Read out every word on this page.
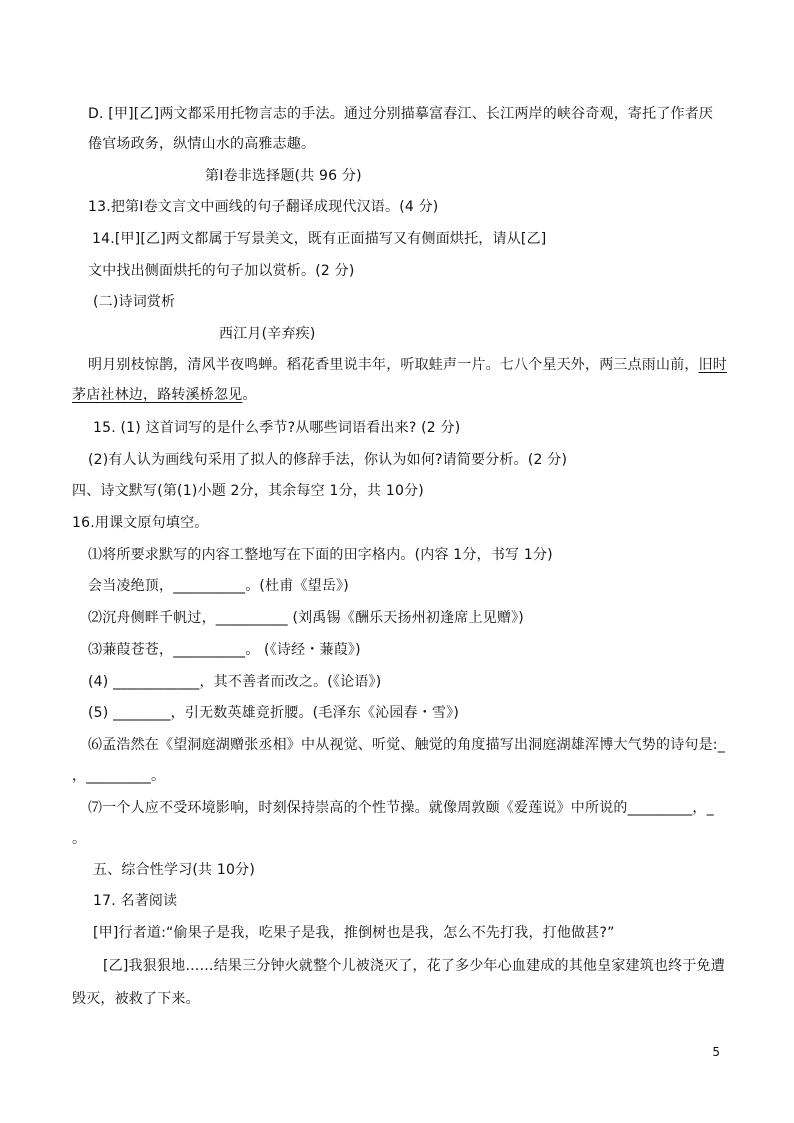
D. [甲][乙]两文都采用托物言志的手法。通过分别描摹富春江、长江两岸的峡谷奇观，寄托了作者厌
倦官场政务，纵情山水的高雅志趣。
第Ⅰ卷非选择题(共 96 分)
13.把第Ⅰ卷文言文中画线的句子翻译成现代汉语。(4 分)
14.[甲][乙]两文都属于写景美文，既有正面描写又有侧面烘托，请从[乙]
文中找出侧面烘托的句子加以赏析。(2 分)
(二)诗词赏析
西江月(辛弃疾)
明月别枝惊鹊，清风半夜鸣蝉。稻花香里说丰年，听取蛙声一片。七八个星天外，两三点雨山前，旧时
茅店社林边，路转溪桥忽见。
15. (1) 这首词写的是什么季节?从哪些词语看出来? (2 分)
(2)有人认为画线句采用了拟人的修辞手法，你认为如何?请简要分析。(2 分)
四、诗文默写(第(1)小题 2分，其余每空 1分，共 10分)
16.用课文原句填空。
⑴将所要求默写的内容工整地写在下面的田字格内。(内容 1分，书写 1分)
会当凌绝顶，__________。(杜甫《望岳》)
⑵沉舟侧畔千帆过，__________ (刘禹锡《酬乐天扬州初逢席上见赠》)
⑶蒹葭苍苍，__________。 (《诗经・蒹葭》)
(4) ____________，其不善者而改之。(《论语》)
(5) ________，引无数英雄竞折腰。(毛泽东《沁园春・雪》)
⑹孟浩然在《望洞庭湖赠张丞相》中从视觉、听觉、触觉的角度描写出洞庭湖雄浑博大气势的诗句是:_
，_________。
⑺一个人应不受环境影响，时刻保持崇高的个性节操。就像周敦颐《爱莲说》中所说的_________，_
。
五、综合性学习(共 10分)
17. 名著阅读
[甲]行者道:“偷果子是我，吃果子是我，推倒树也是我，怎么不先打我，打他做甚?”
[乙]我狠狠地……结果三分钟火就整个儿被浇灭了，花了多少年心血建成的其他皇家建筑也终于免遭
毁灭，被救了下来。
5
